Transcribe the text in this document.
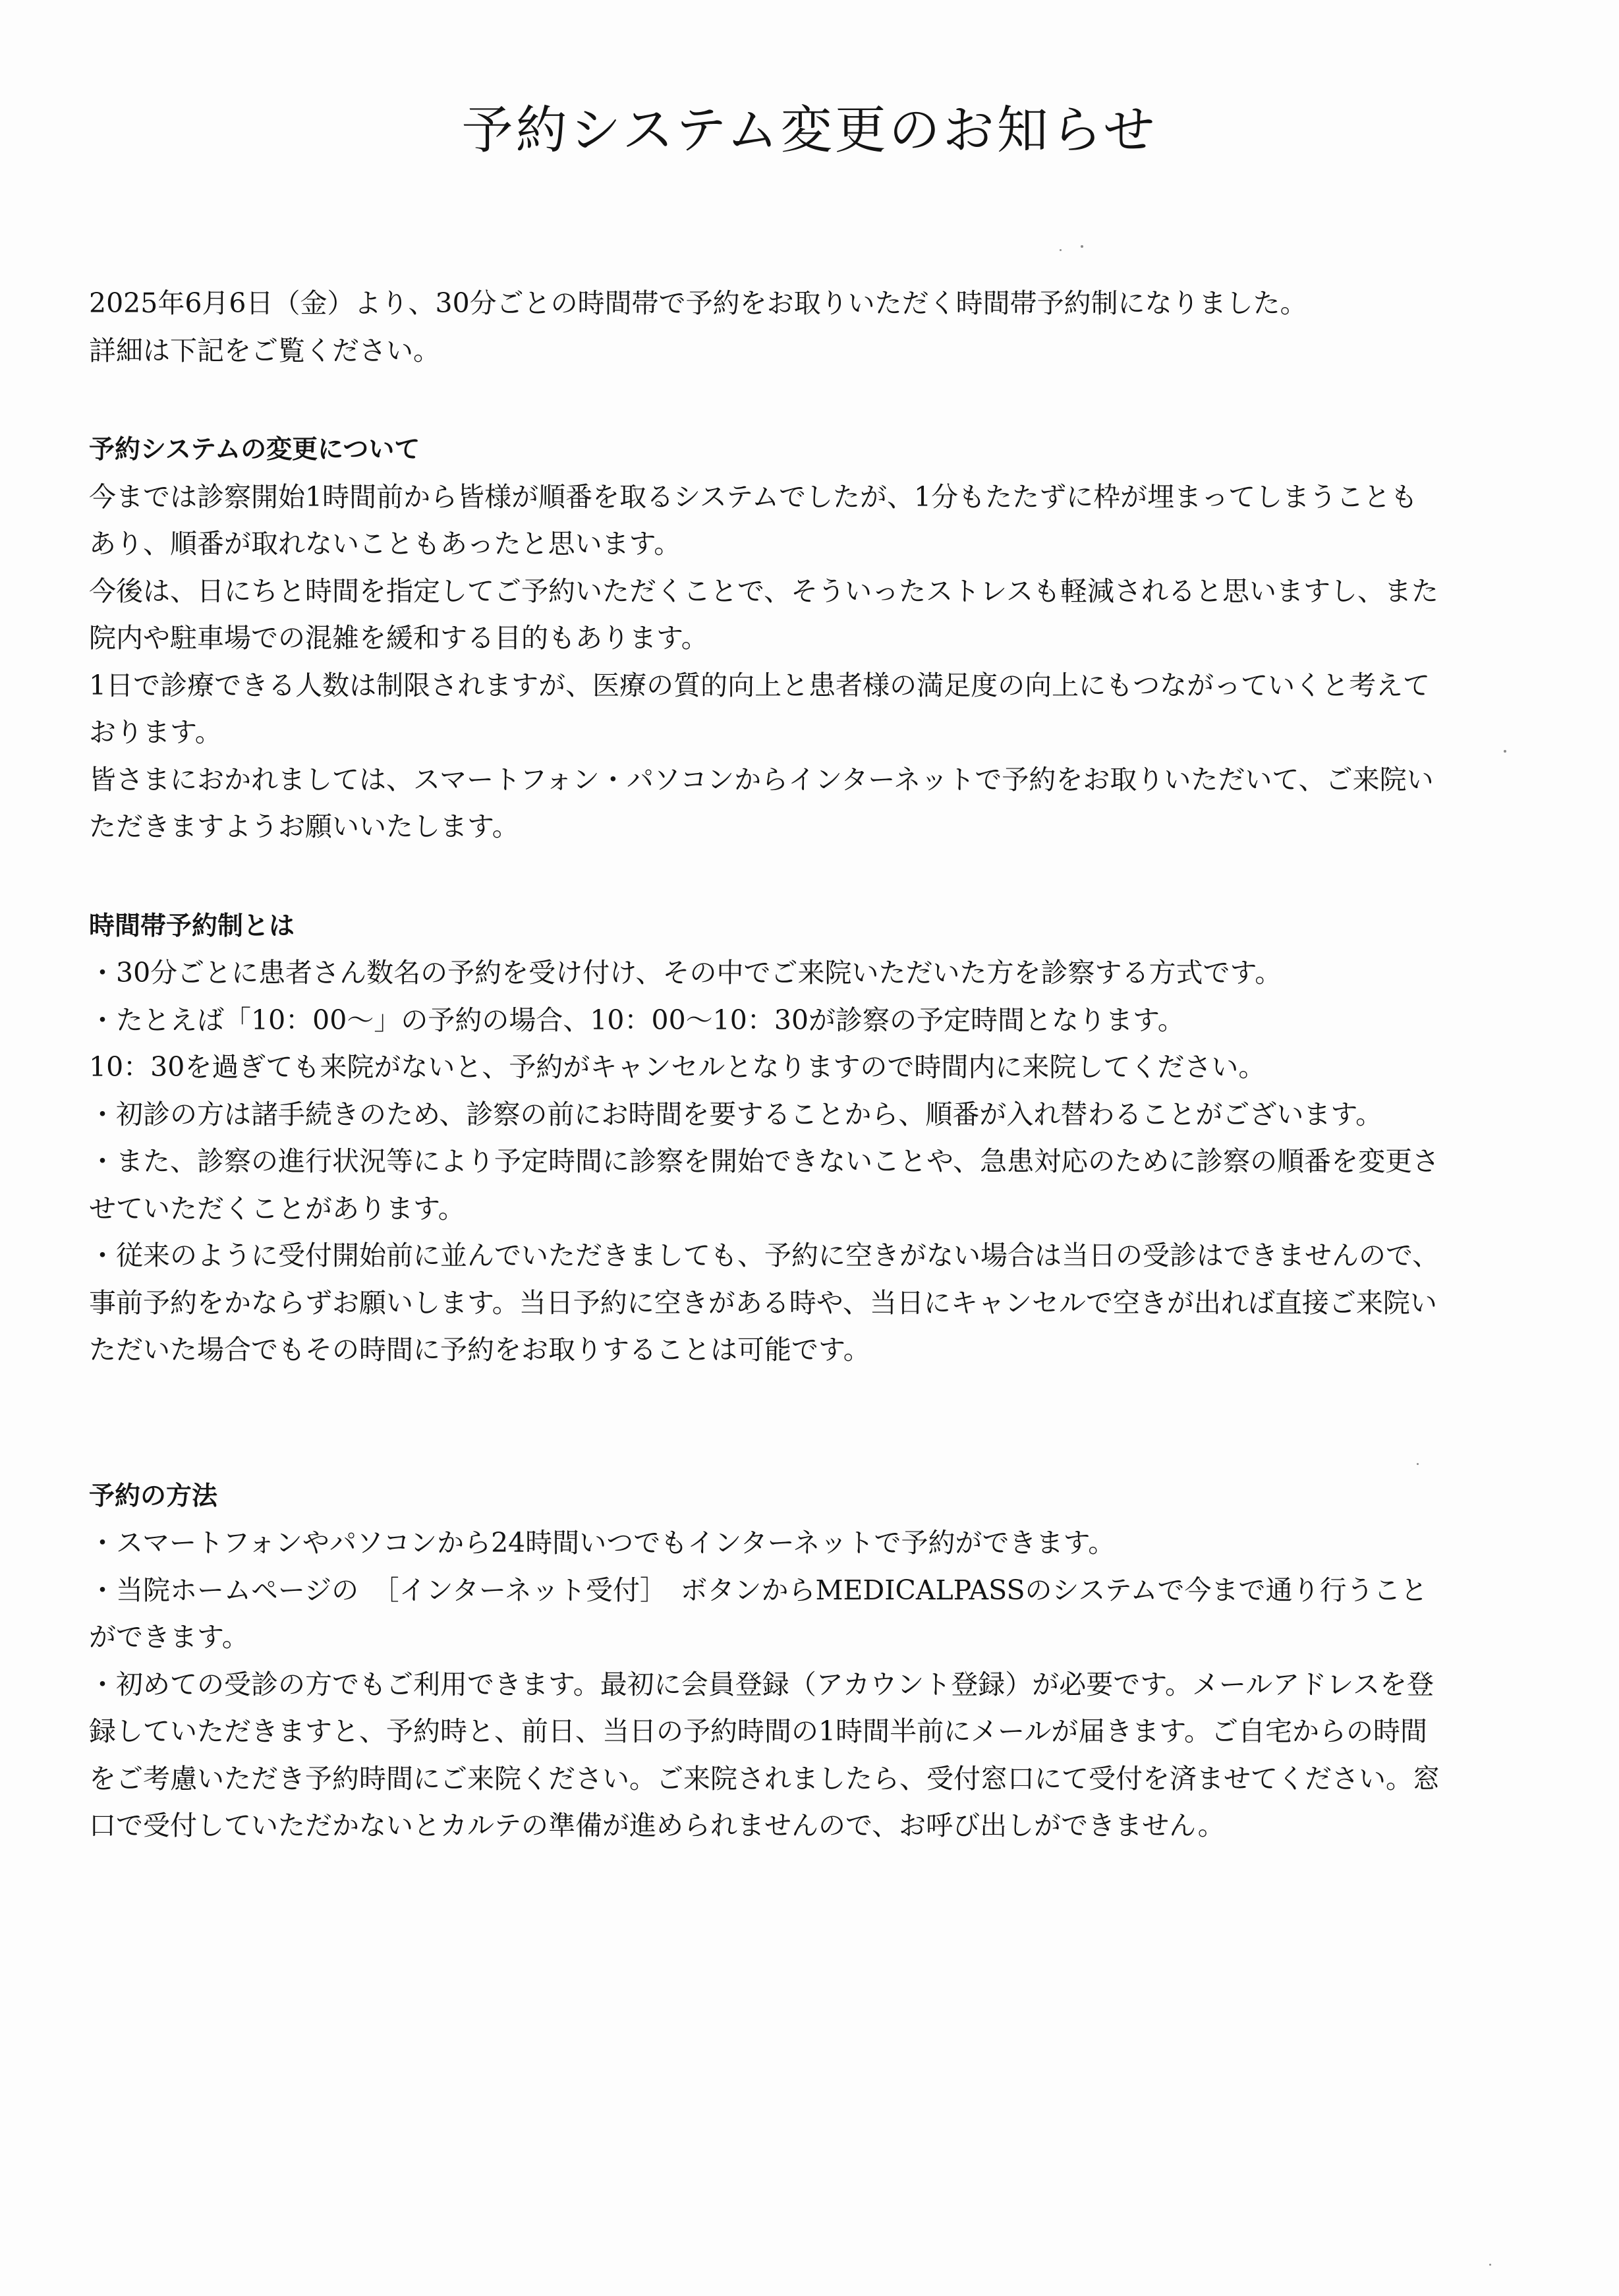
予約システム変更のお知らせ

2025年6月6日（金）より、30分ごとの時間帯で予約をお取りいただく時間帯予約制になりました。

詳細は下記をご覧ください。

予約システムの変更について

今までは診察開始1時間前から皆様が順番を取るシステムでしたが、1分もたたずに枠が埋まってしまうことも

あり、順番が取れないこともあったと思います。

今後は、日にちと時間を指定してご予約いただくことで、そういったストレスも軽減されると思いますし、また

院内や駐車場での混雑を緩和する目的もあります。

1日で診療できる人数は制限されますが、医療の質的向上と患者様の満足度の向上にもつながっていくと考えて

おります。

皆さまにおかれましては、スマートフォン・パソコンからインターネットで予約をお取りいただいて、ご来院い

ただきますようお願いいたします。

時間帯予約制とは

・30分ごとに患者さん数名の予約を受け付け、その中でご来院いただいた方を診察する方式です。

・たとえば「10：00～」の予約の場合、10：00～10：30が診察の予定時間となります。

10：30を過ぎても来院がないと、予約がキャンセルとなりますので時間内に来院してください。

・初診の方は諸手続きのため、診察の前にお時間を要することから、順番が入れ替わることがございます。

・また、診察の進行状況等により予定時間に診察を開始できないことや、急患対応のために診察の順番を変更さ

せていただくことがあります。

・従来のように受付開始前に並んでいただきましても、予約に空きがない場合は当日の受診はできませんので、

事前予約をかならずお願いします。当日予約に空きがある時や、当日にキャンセルで空きが出れば直接ご来院い

ただいた場合でもその時間に予約をお取りすることは可能です。

予約の方法

・スマートフォンやパソコンから24時間いつでもインターネットで予約ができます。

・当院ホームページの　［インターネット受付］　ボタンからMEDICALPASSのシステムで今まで通り行うこと

ができます。

・初めての受診の方でもご利用できます。最初に会員登録（アカウント登録）が必要です。メールアドレスを登

録していただきますと、予約時と、前日、当日の予約時間の1時間半前にメールが届きます。ご自宅からの時間

をご考慮いただき予約時間にご来院ください。ご来院されましたら、受付窓口にて受付を済ませてください。窓

口で受付していただかないとカルテの準備が進められませんので、お呼び出しができません。
